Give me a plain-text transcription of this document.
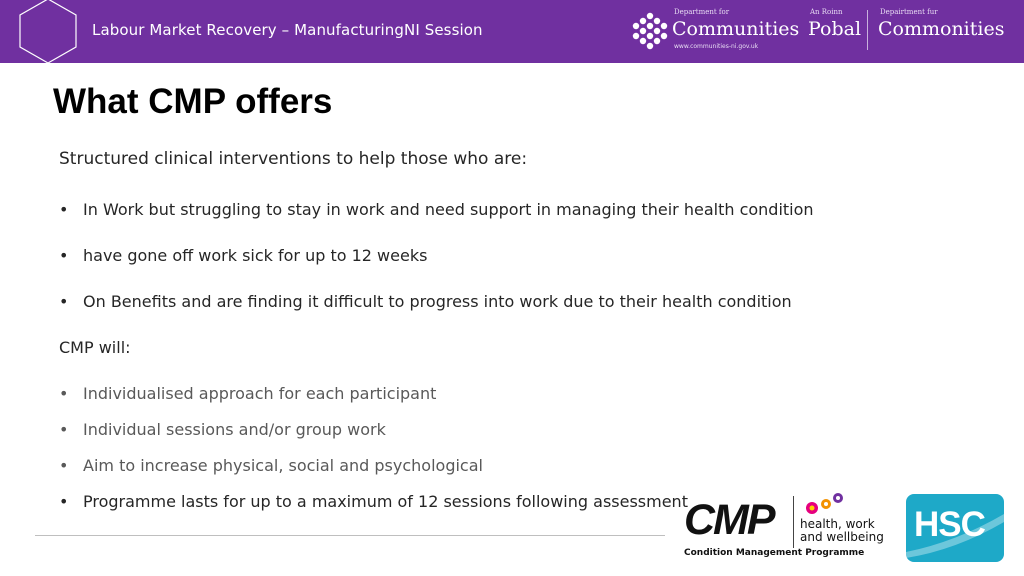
Labour Market Recovery – ManufacturingNI Session
Department for
Communities
www.communities-ni.gov.uk
An Roinn
Pobal
Depairtment fur
Commonities
What CMP offers
Structured clinical interventions to help those who are:
• In Work but struggling to stay in work and need support in managing their health condition
• have gone off work sick for up to 12 weeks
• On Benefits and are finding it difficult to progress into work due to their health condition
CMP will:
• Individualised approach for each participant
• Individual sessions and/or group work
• Aim to increase physical, social and psychological
• Programme lasts for up to a maximum of 12 sessions following assessment
CMP health, work
and wellbeing
Condition Management Programme
HSC
